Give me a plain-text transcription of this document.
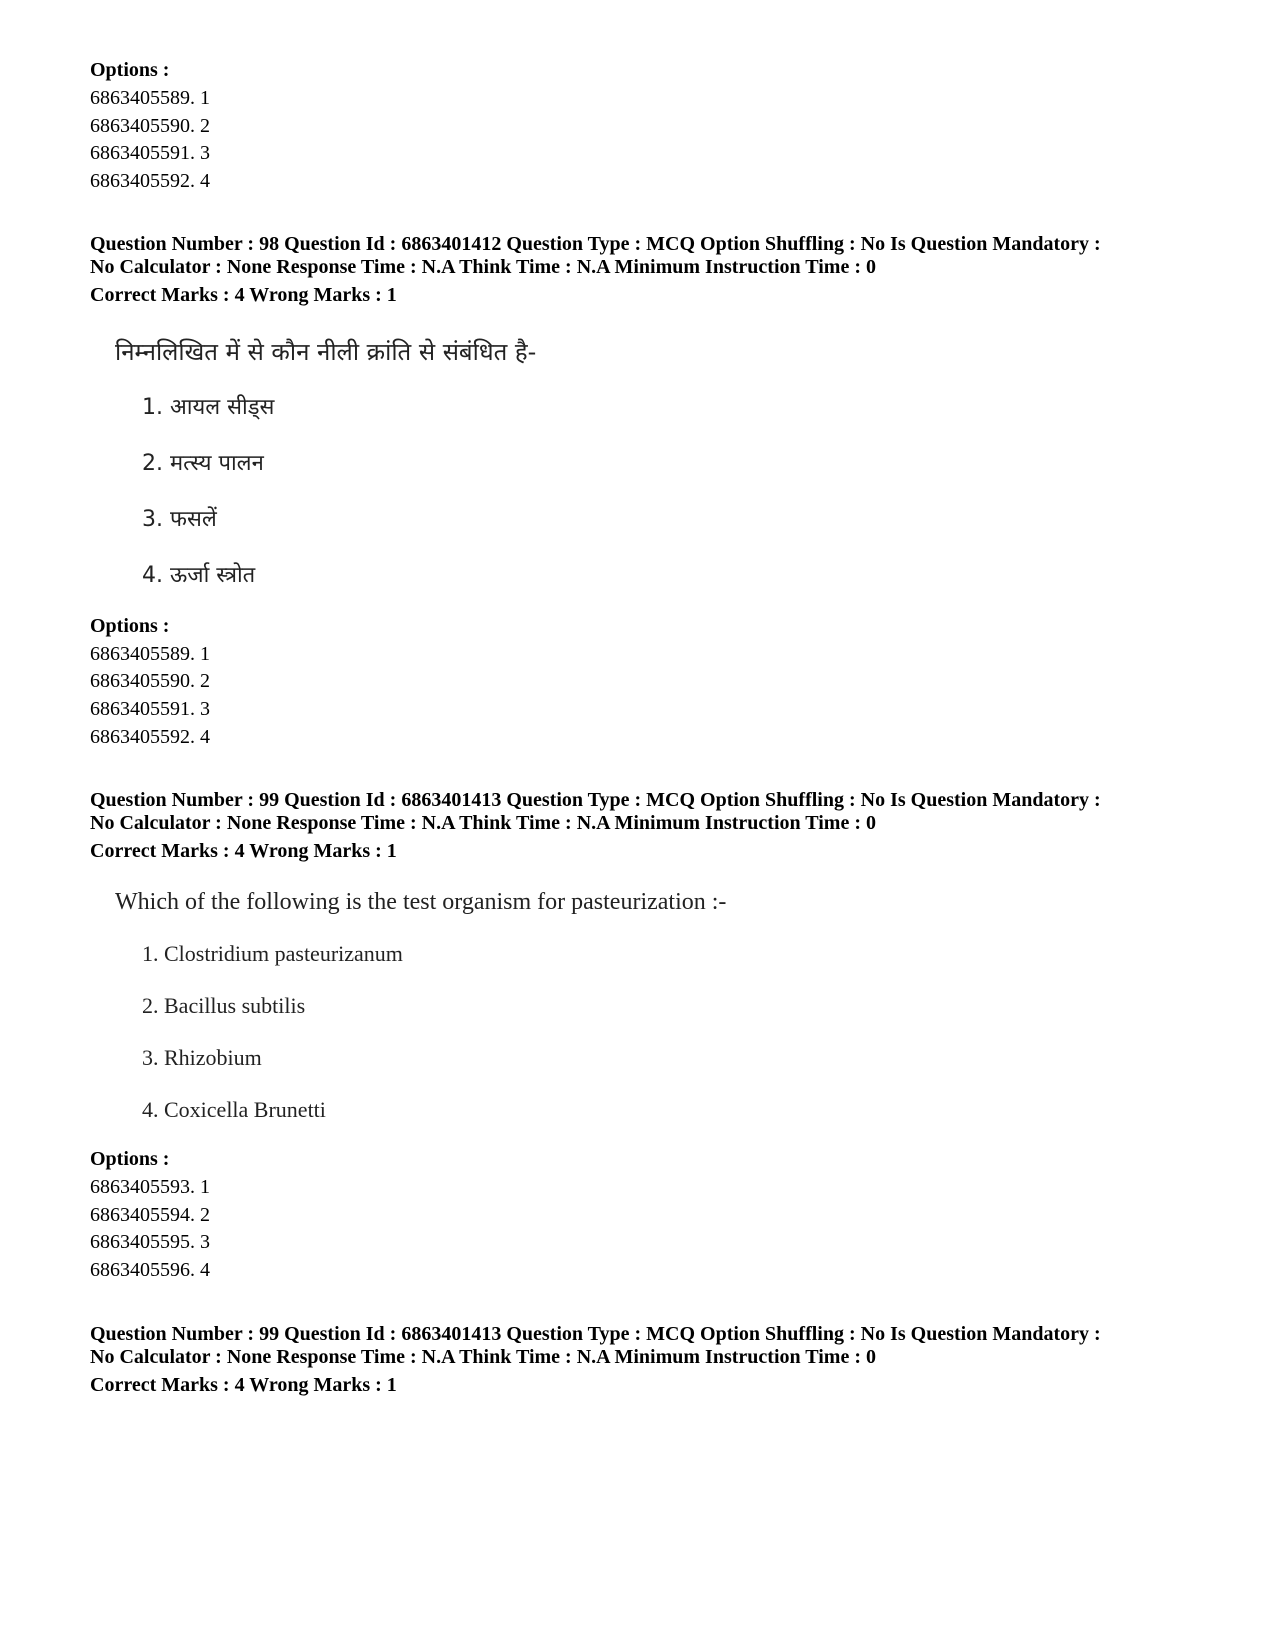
Options :
6863405589. 1
6863405590. 2
6863405591. 3
6863405592. 4
Question Number : 98 Question Id : 6863401412 Question Type : MCQ Option Shuffling : No Is Question Mandatory :
No Calculator : None Response Time : N.A Think Time : N.A Minimum Instruction Time : 0
Correct Marks : 4 Wrong Marks : 1
निम्नलिखित में से कौन नीली क्रांति से संबंधित है-
1. आयल सीड्स
2. मत्स्य पालन
3. फसलें
4. ऊर्जा स्त्रोत
Options :
6863405589. 1
6863405590. 2
6863405591. 3
6863405592. 4
Question Number : 99 Question Id : 6863401413 Question Type : MCQ Option Shuffling : No Is Question Mandatory :
No Calculator : None Response Time : N.A Think Time : N.A Minimum Instruction Time : 0
Correct Marks : 4 Wrong Marks : 1
Which of the following is the test organism for pasteurization :-
1. Clostridium pasteurizanum
2. Bacillus subtilis
3. Rhizobium
4. Coxicella Brunetti
Options :
6863405593. 1
6863405594. 2
6863405595. 3
6863405596. 4
Question Number : 99 Question Id : 6863401413 Question Type : MCQ Option Shuffling : No Is Question Mandatory :
No Calculator : None Response Time : N.A Think Time : N.A Minimum Instruction Time : 0
Correct Marks : 4 Wrong Marks : 1
